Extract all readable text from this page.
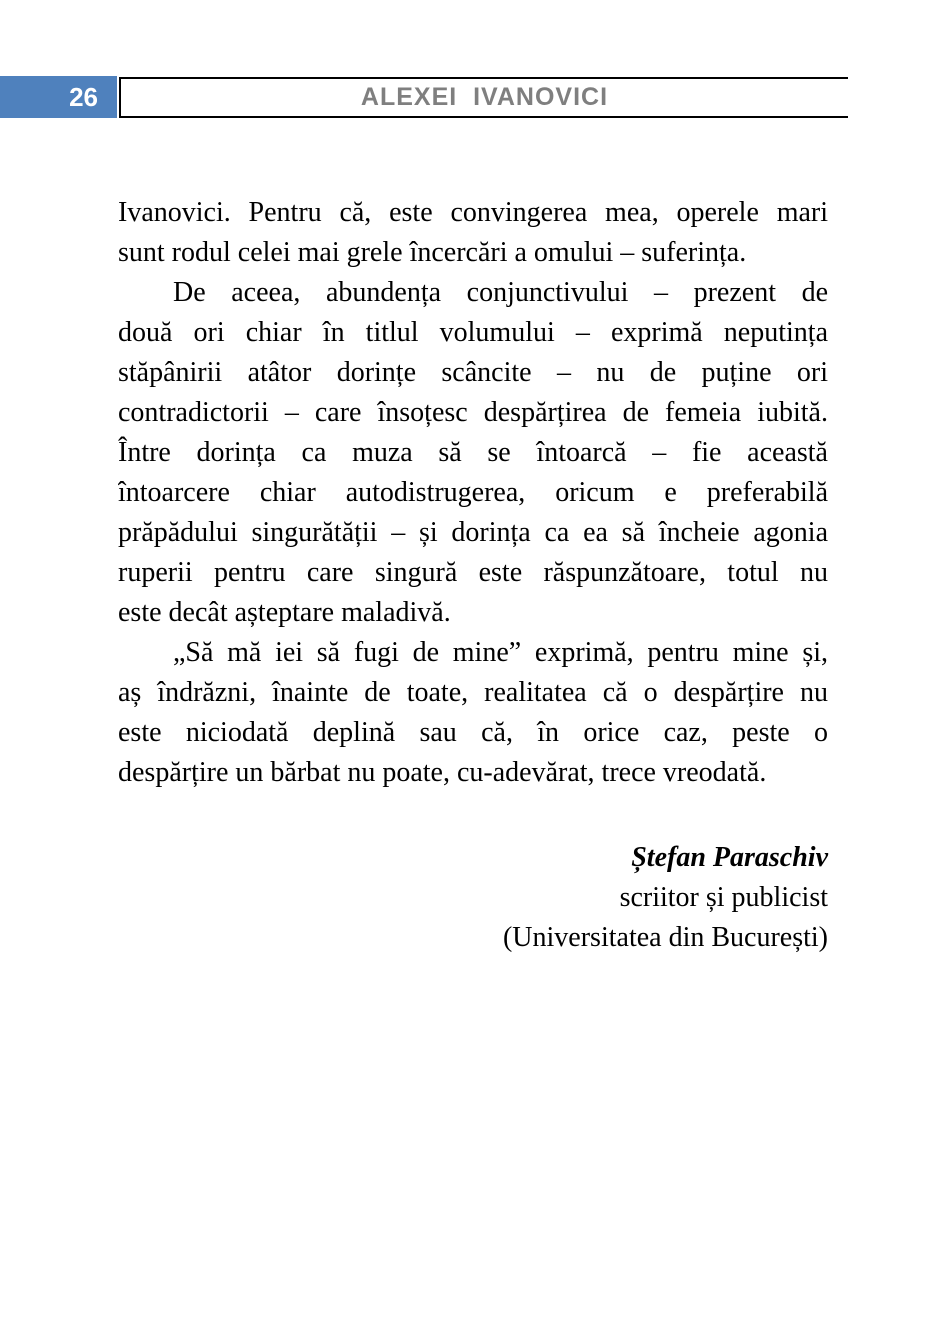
26	ALEXEI  IVANOVICI
Ivanovici. Pentru că, este convingerea mea, operele mari
sunt rodul celei mai grele încercări a omului – suferința.
De aceea, abundența conjunctivului – prezent de
două ori chiar în titlul volumului – exprimă neputința
stăpânirii atâtor dorințe scâncite – nu de puține ori
contradictorii – care însoțesc despărțirea de femeia iubită.
Între dorința ca muza să se întoarcă – fie această
întoarcere chiar autodistrugerea, oricum e preferabilă
prăpădului singurătății – și dorința ca ea să încheie agonia
ruperii pentru care singură este răspunzătoare, totul nu
este decât așteptare maladivă.
„Să mă iei să fugi de mine” exprimă, pentru mine și,
aș îndrăzni, înainte de toate, realitatea că o despărțire nu
este niciodată deplină sau că, în orice caz, peste o
despărțire un bărbat nu poate, cu-adevărat, trece vreodată.
Ștefan Paraschiv
scriitor și publicist
(Universitatea din București)
